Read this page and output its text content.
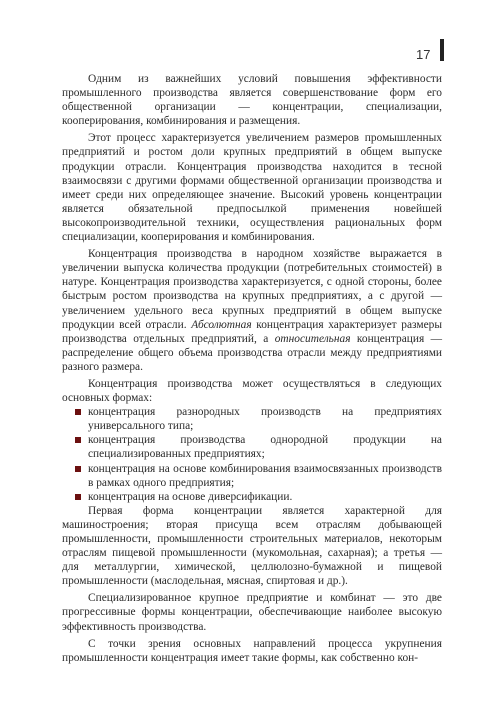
17

Одним из важнейших условий повышения эффективности промышленного производства является совершенствование форм его общественной организации — концентрации, специализации, кооперирования, комбинирования и размещения.

Этот процесс характеризуется увеличением размеров промышленных предприятий и ростом доли крупных предприятий в общем выпуске продукции отрасли. Концентрация производства находится в тесной взаимосвязи с другими формами общественной организации производства и имеет среди них определяющее значение. Высокий уровень концентрации является обязательной предпосылкой применения новейшей высокопроизводительной техники, осуществления рациональных форм специализации, кооперирования и комбинирования.

Концентрация производства в народном хозяйстве выражается в увеличении выпуска количества продукции (потребительных стоимостей) в натуре. Концентрация производства характеризуется, с одной стороны, более быстрым ростом производства на крупных предприятиях, а с другой — увеличением удельного веса крупных предприятий в общем выпуске продукции всей отрасли. Абсолютная концентрация характеризует размеры производства отдельных предприятий, а относительная концентрация — распределение общего объема производства отрасли между предприятиями разного размера.

Концентрация производства может осуществляться в следующих основных формах:

концентрация разнородных производств на предприятиях универсального типа;
концентрация производства однородной продукции на специализированных предприятиях;
концентрация на основе комбинирования взаимосвязанных производств в рамках одного предприятия;
концентрация на основе диверсификации.

Первая форма концентрации является характерной для машиностроения; вторая присуща всем отраслям добывающей промышленности, промышленности строительных материалов, некоторым отраслям пищевой промышленности (мукомольная, сахарная); а третья — для металлургии, химической, целлюлозно-бумажной и пищевой промышленности (маслодельная, мясная, спиртовая и др.).

Специализированное крупное предприятие и комбинат — это две прогрессивные формы концентрации, обеспечивающие наиболее высокую эффективность производства.

С точки зрения основных направлений процесса укрупнения промышленности концентрация имеет такие формы, как собственно кон-
